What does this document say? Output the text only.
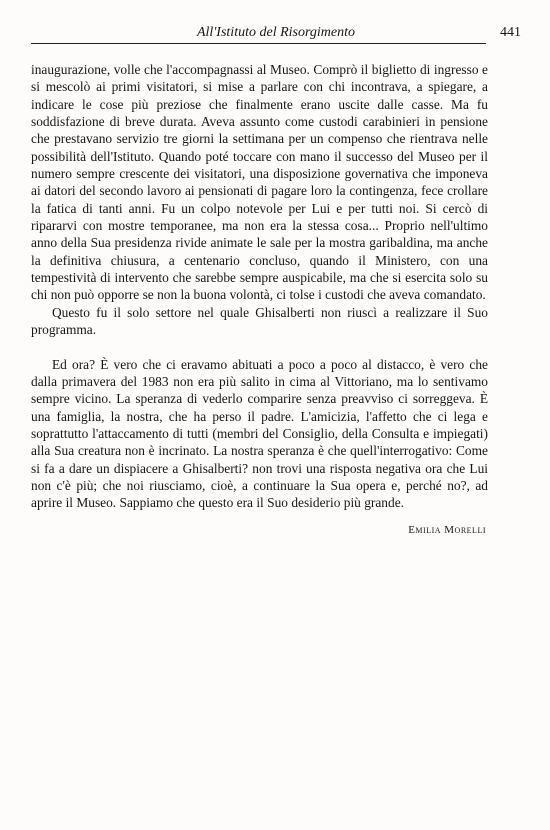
All'Istituto del Risorgimento	441

inaugurazione, volle che l'accompagnassi al Museo. Comprò il biglietto di ingresso e si mescolò ai primi visitatori, si mise a parlare con chi incontrava, a spiegare, a indicare le cose più preziose che finalmente erano uscite dalle casse. Ma fu soddisfazione di breve durata. Aveva assunto come custodi carabinieri in pensione che prestavano servizio tre giorni la settimana per un compenso che rientrava nelle possibilità dell'Istituto. Quando poté toccare con mano il successo del Museo per il numero sempre crescente dei visitatori, una disposizione governativa che imponeva ai datori del secondo lavoro ai pensionati di pagare loro la contingenza, fece crollare la fatica di tanti anni. Fu un colpo notevole per Lui e per tutti noi. Si cercò di ripararvi con mostre temporanee, ma non era la stessa cosa... Proprio nell'ultimo anno della Sua presidenza rivide animate le sale per la mostra garibaldina, ma anche la definitiva chiusura, a centenario concluso, quando il Ministero, con una tempestività di intervento che sarebbe sempre auspicabile, ma che si esercita solo su chi non può opporre se non la buona volontà, ci tolse i custodi che aveva comandato.

Questo fu il solo settore nel quale Ghisalberti non riuscì a realizzare il Suo programma.

Ed ora? È vero che ci eravamo abituati a poco a poco al distacco, è vero che dalla primavera del 1983 non era più salito in cima al Vittoriano, ma lo sentivamo sempre vicino. La speranza di vederlo comparire senza preavviso ci sorreggeva. È una famiglia, la nostra, che ha perso il padre. L'amicizia, l'affetto che ci lega e soprattutto l'attaccamento di tutti (membri del Consiglio, della Consulta e impiegati) alla Sua creatura non è incrinato. La nostra speranza è che quell'interrogativo: Come si fa a dare un dispiacere a Ghisalberti? non trovi una risposta negativa ora che Lui non c'è più; che noi riusciamo, cioè, a continuare la Sua opera e, perché no?, ad aprire il Museo. Sappiamo che questo era il Suo desiderio più grande.

Emilia Morelli
